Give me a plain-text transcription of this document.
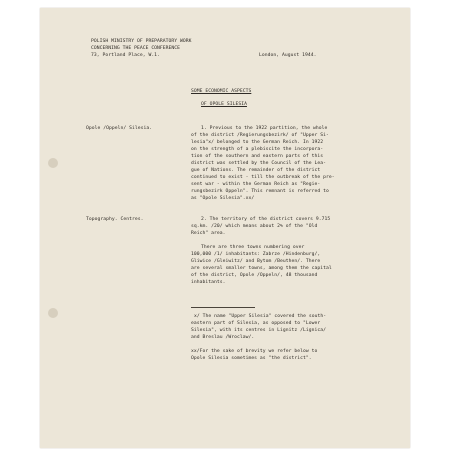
POLISH MINISTRY OF PREPARATORY WORK
CONCERNING THE PEACE CONFERENCE
73, Portland Place, W.1.	London, August 1944.
SOME ECONOMIC ASPECTS
OF OPOLE SILESIA
Opole /Oppeln/ Silesia.	1. Previous to the 1922 partition, the whole
of the district /Regierungsbezirk/ of "Upper Si-
lesia"x/ belonged to the German Reich. In 1922
on the strength of a plebiscite the incorpora-
tion of the southern and eastern parts of this
district was settled by the Council of the Lea-
gue of Nations. The remainder of the district
continued to exist - till the outbreak of the pre-
sent war - within the German Reich as "Regie-
rungsbezirk Oppeln". This remnant is referred to
as "Opole Silesia".xx/
Topography. Centres.	2. The territory of the district covers 9.715
sq.km. /20/ which means about 2% of the "Old
Reich" area.
There are three towns numbering over
100,000 /1/ inhabitants: Zabrze /Hindenburg/,
Gliwice /Gleiwitz/ and Bytom /Beuthen/. There
are several smaller towns, among them the capital
of the district, Opole /Oppeln/, 48 thousand
inhabitants.
x/ The name "Upper Silesia" covered the south-
eastern part of Silesia, as opposed to "Lower
Silesia", with its centres in Lignitz /Lignica/
and Breslau /Wroclaw/.
xx/For the sake of brevity we refer below to
Opole Silesia sometimes as "the district".
